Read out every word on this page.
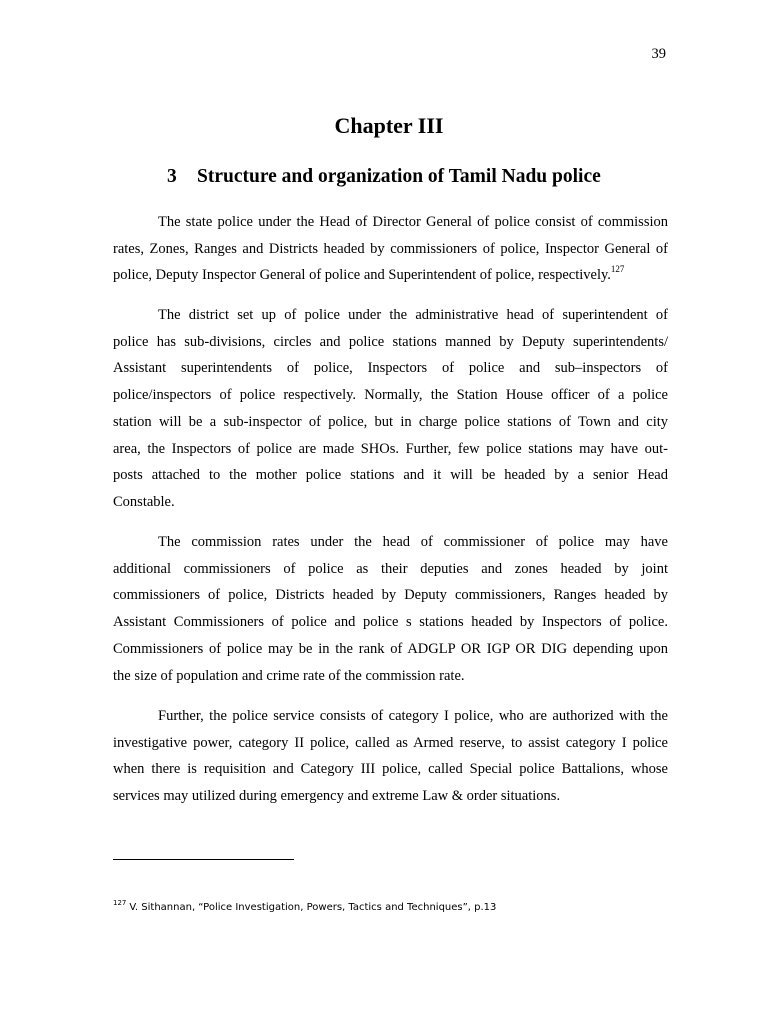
39
Chapter III
3 Structure and organization of Tamil Nadu police

The state police under the Head of Director General of police consist of commission
rates, Zones, Ranges and Districts headed by commissioners of police, Inspector General of
police, Deputy Inspector General of police and Superintendent of police, respectively.$^{127}$

The district set up of police under the administrative head of superintendent of
police has sub-divisions, circles and police stations manned by Deputy superintendents/
Assistant superintendents of police, Inspectors of police and sub–inspectors of
police/inspectors of police respectively. Normally, the Station House officer of a police
station will be a sub-inspector of police, but in charge police stations of Town and city
area, the Inspectors of police are made SHOs. Further, few police stations may have out-
posts attached to the mother police stations and it will be headed by a senior Head
Constable.

The commission rates under the head of commissioner of police may have
additional commissioners of police as their deputies and zones headed by joint
commissioners of police, Districts headed by Deputy commissioners, Ranges headed by
Assistant Commissioners of police and police s stations headed by Inspectors of police.
Commissioners of police may be in the rank of ADGLP OR IGP OR DIG depending upon
the size of population and crime rate of the commission rate.

Further, the police service consists of category I police, who are authorized with the
investigative power, category II police, called as Armed reserve, to assist category I police
when there is requisition and Category III police, called Special police Battalions, whose
services may utilized during emergency and extreme Law & order situations.

$^{127}$ V. Sithannan, “Police Investigation, Powers, Tactics and Techniques”, p.13
